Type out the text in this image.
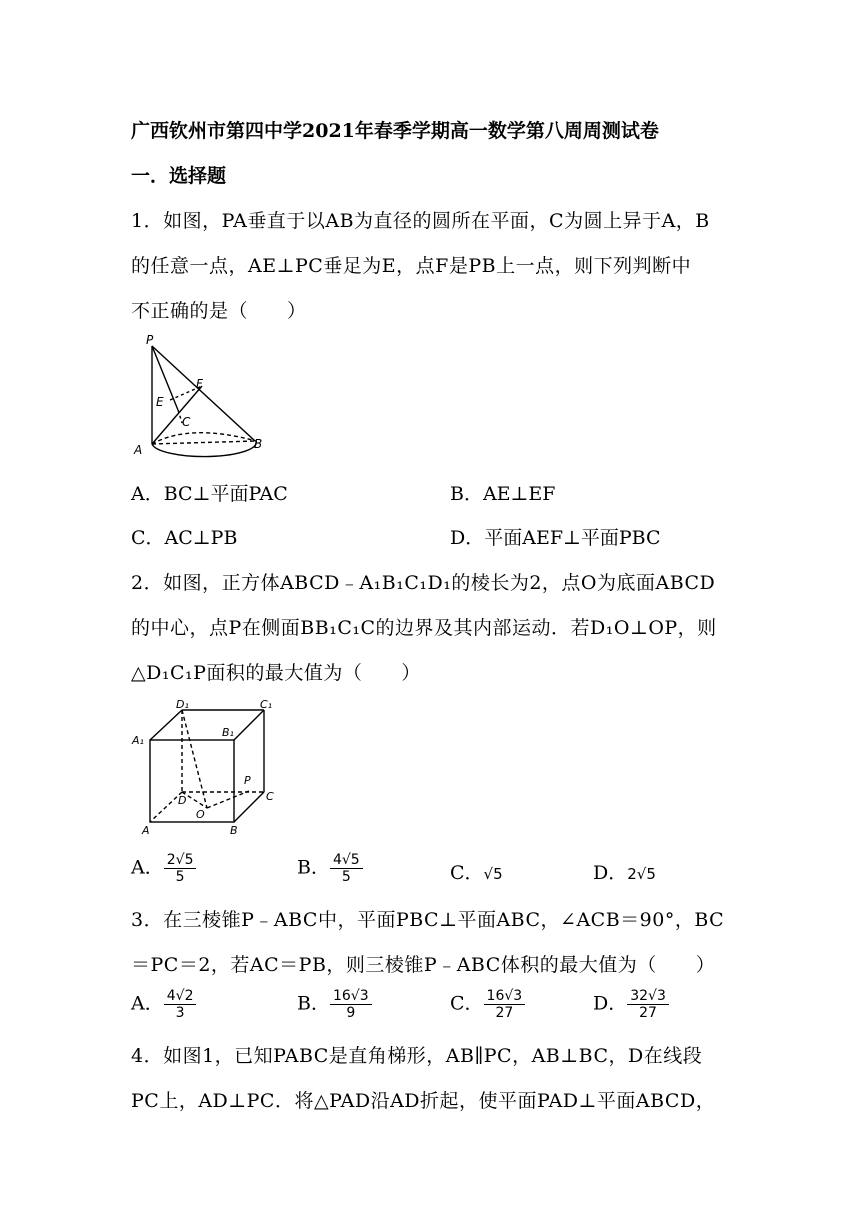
广西钦州市第四中学2021年春季学期高一数学第八周周测试卷
一．选择题
1．如图，PA垂直于以AB为直径的圆所在平面，C为圆上异于A，B
的任意一点，AE⊥PC垂足为E，点F是PB上一点，则下列判断中
不正确的是（　　）
P
F
E
C
A	B
A．BC⊥平面PAC	B．AE⊥EF
C．AC⊥PB	D．平面AEF⊥平面PBC
2．如图，正方体ABCD﹣A₁B₁C₁D₁的棱长为2，点O为底面ABCD
的中心，点P在侧面BB₁C₁C的边界及其内部运动．若D₁O⊥OP，则
△D₁C₁P面积的最大值为（　　）
D₁	C₁
A₁
B₁
P
D	C
O
A	B
A． $\frac{2√5}{5}$	B． $\frac{4√5}{5}$	C．√5	D．2√5
3．在三棱锥P﹣ABC中，平面PBC⊥平面ABC，∠ACB＝90°，BC
＝PC＝2，若AC＝PB，则三棱锥P﹣ABC体积的最大值为（　　）
A． $\frac{4√2}{3}$	B． $\frac{16√3}{9}$	C． $\frac{16√3}{27}$	D． $\frac{32√3}{27}$
4．如图1，已知PABC是直角梯形，AB∥PC，AB⊥BC，D在线段
PC上，AD⊥PC．将△PAD沿AD折起，使平面PAD⊥平面ABCD，
